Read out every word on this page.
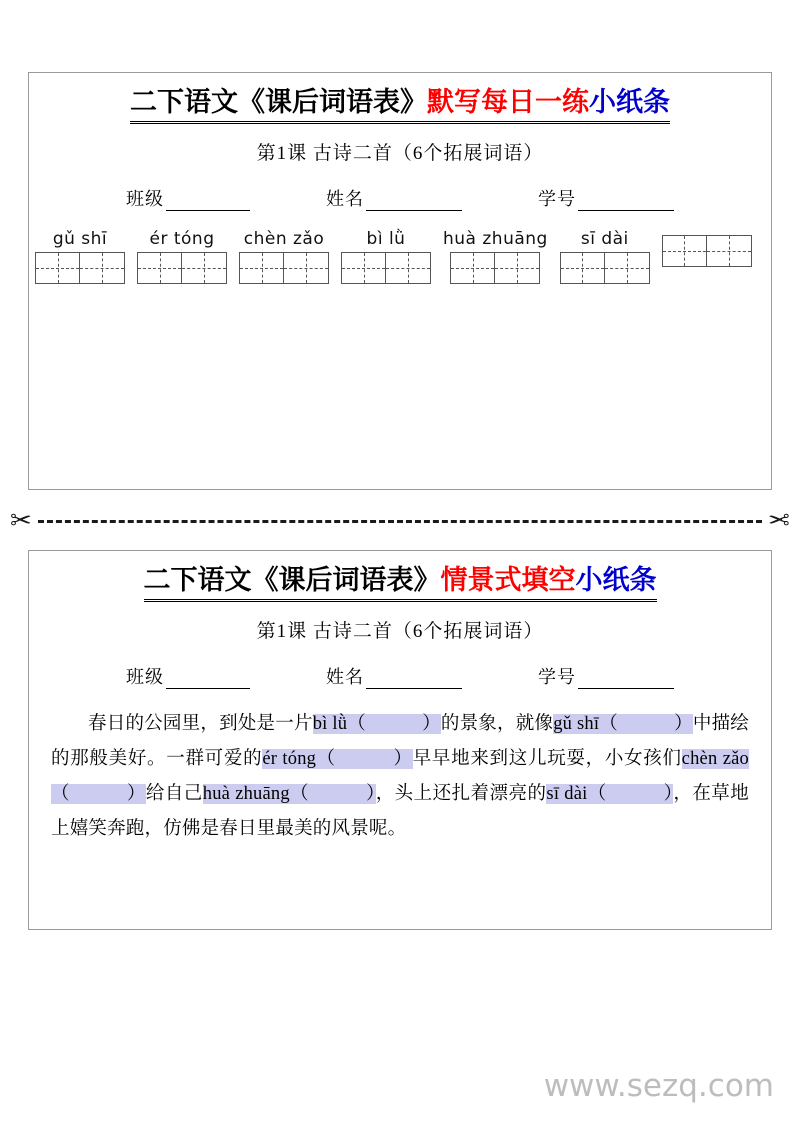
二下语文《课后词语表》默写每日一练小纸条
第1课 古诗二首（6个拓展词语）
班级	姓名	学号
gǔ shī ér tóng chèn zǎo bì lǜ huà zhuāng sī dài
✂	✂
二下语文《课后词语表》情景式填空小纸条
第1课 古诗二首（6个拓展词语）
班级	姓名	学号
春日的公园里，到处是一片bì lǜ（　　　）的景象，就像gǔ shī（　　　）中描绘的那般美好。一群可爱的ér tóng（　　　）早早地来到这儿玩耍，小女孩们chèn zǎo（　　　）给自己huà zhuāng（　　　），头上还扎着漂亮的sī dài（　　　），在草地上嬉笑奔跑，仿佛是春日里最美的风景呢。
www.sezq.com
